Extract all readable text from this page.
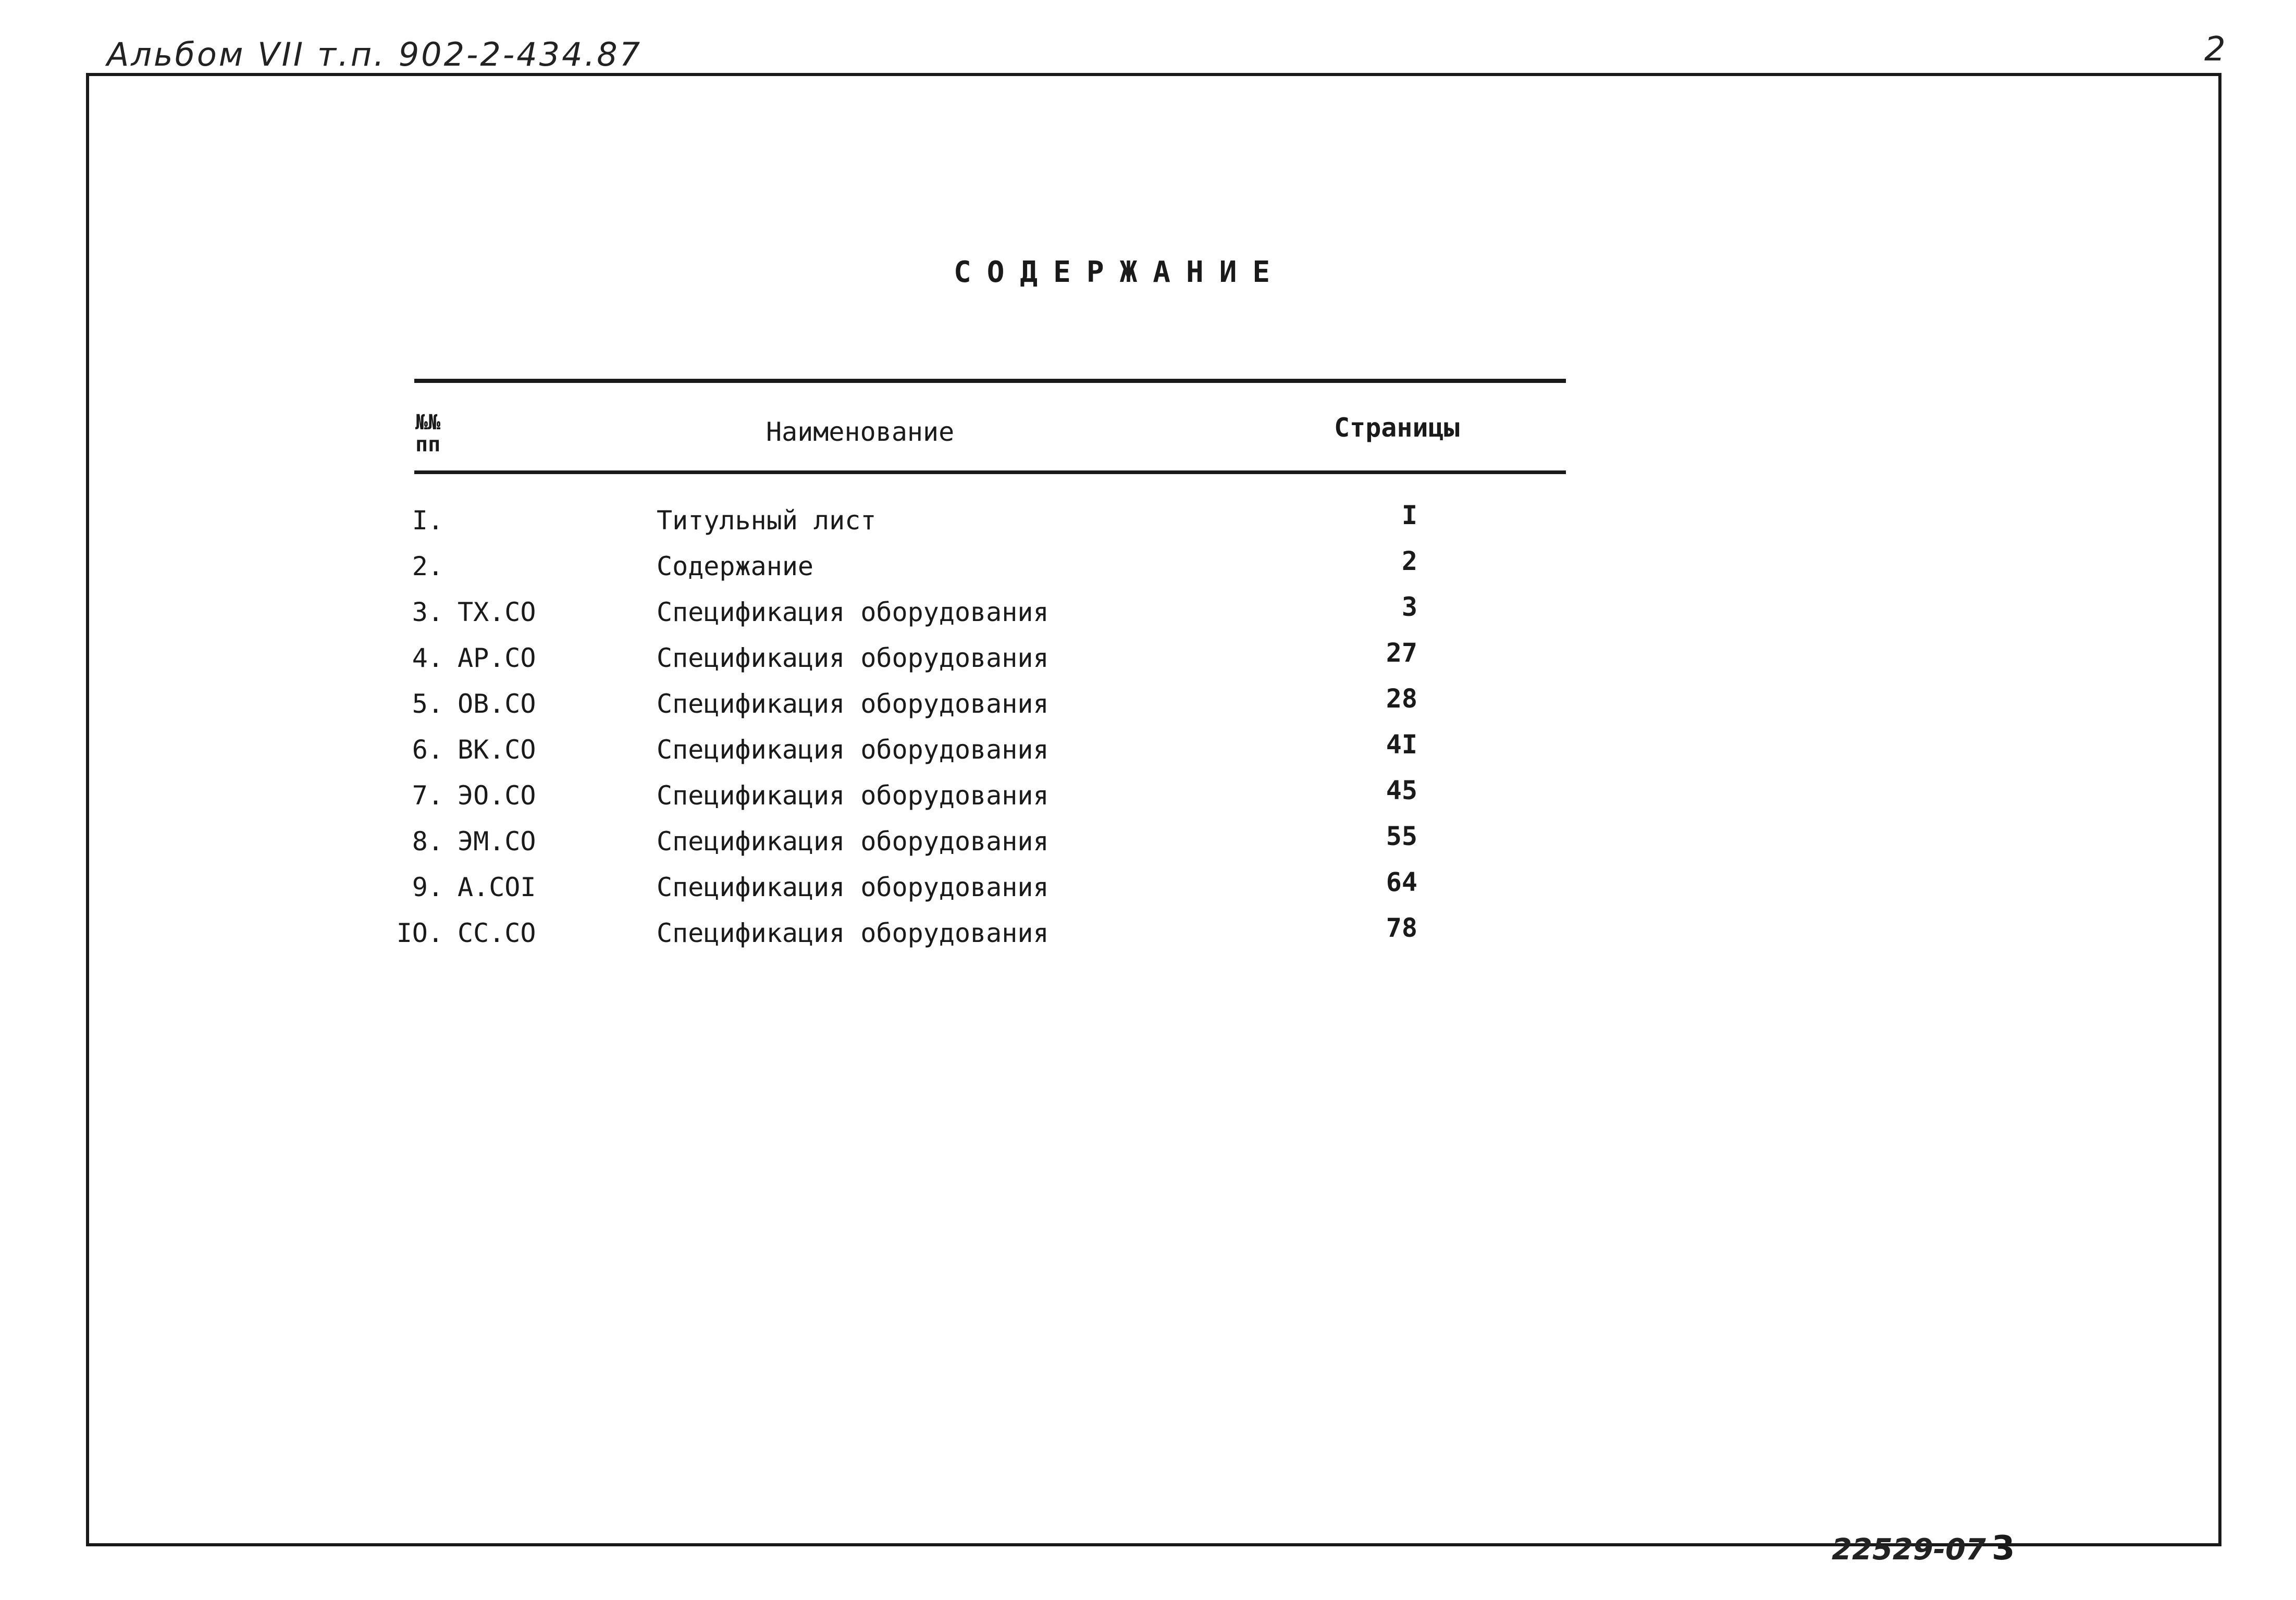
Альбом VII т.п. 902-2-434.87	2
СОДЕРЖАНИЕ
№№
пп	Наименование	Страницы
I.	Титульный лист	I
2.	Содержание	2
3. ТХ.СО	Спецификация оборудования	3
4. АР.СО	Спецификация оборудования	27
5. ОВ.СО	Спецификация оборудования	28
6. ВК.СО	Спецификация оборудования	4I
7. ЭО.СО	Спецификация оборудования	45
8. ЭМ.СО	Спецификация оборудования	55
9. А.СОI	Спецификация оборудования	64
IO. СС.СО	Спецификация оборудования	78
22529-07 3
